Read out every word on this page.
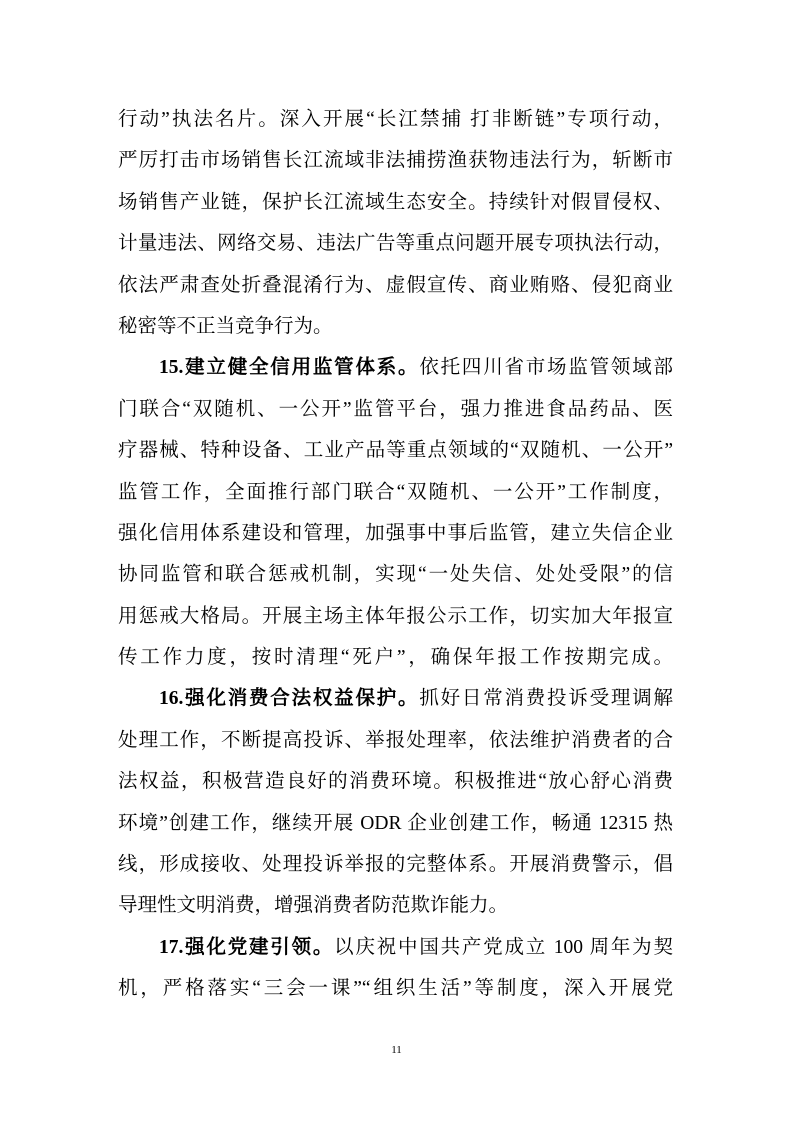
行动”执法名片。深入开展“长江禁捕 打非断链”专项行动，
严厉打击市场销售长江流域非法捕捞渔获物违法行为，斩断市
场销售产业链，保护长江流域生态安全。持续针对假冒侵权、
计量违法、网络交易、违法广告等重点问题开展专项执法行动，
依法严肃查处折叠混淆行为、虚假宣传、商业贿赂、侵犯商业
秘密等不正当竞争行为。
15.建立健全信用监管体系。依托四川省市场监管领域部
门联合“双随机、一公开”监管平台，强力推进食品药品、医
疗器械、特种设备、工业产品等重点领域的“双随机、一公开”
监管工作，全面推行部门联合“双随机、一公开”工作制度，
强化信用体系建设和管理，加强事中事后监管，建立失信企业
协同监管和联合惩戒机制，实现“一处失信、处处受限”的信
用惩戒大格局。开展主场主体年报公示工作，切实加大年报宣
传工作力度，按时清理“死户”，确保年报工作按期完成。
16.强化消费合法权益保护。抓好日常消费投诉受理调解
处理工作，不断提高投诉、举报处理率，依法维护消费者的合
法权益，积极营造良好的消费环境。积极推进“放心舒心消费
环境”创建工作，继续开展 ODR 企业创建工作，畅通 12315 热
线，形成接收、处理投诉举报的完整体系。开展消费警示，倡
导理性文明消费，增强消费者防范欺诈能力。
17.强化党建引领。以庆祝中国共产党成立 100 周年为契
机，严格落实“三会一课”“组织生活”等制度，深入开展党
11
